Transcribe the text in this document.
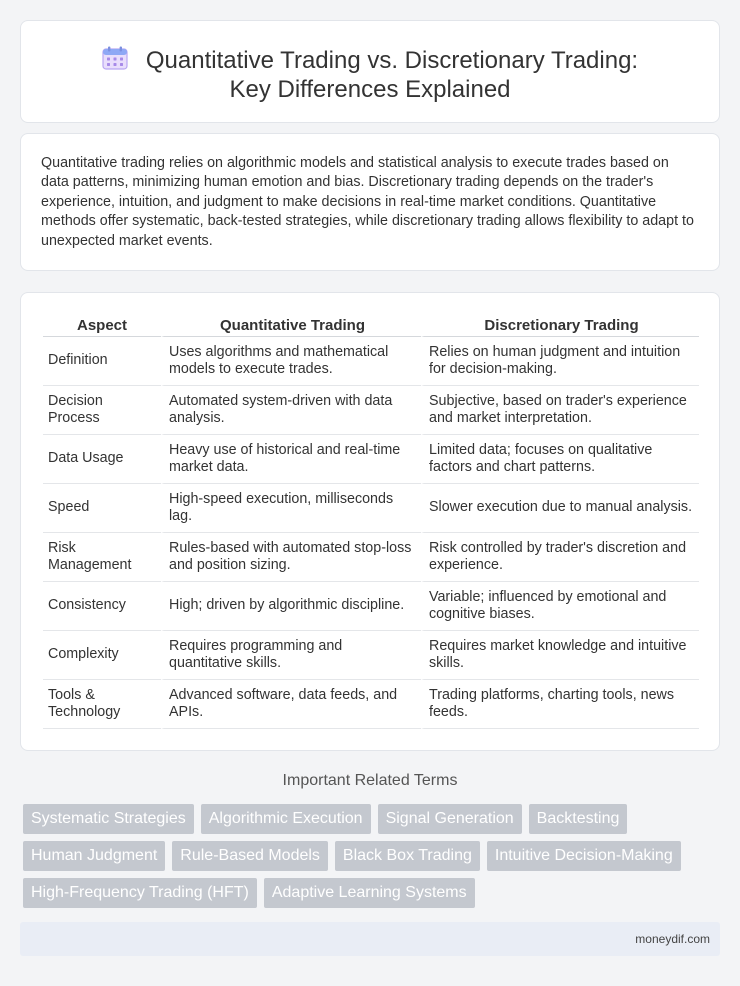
Quantitative Trading vs. Discretionary Trading: Key Differences Explained

Quantitative trading relies on algorithmic models and statistical analysis to execute trades based on data patterns, minimizing human emotion and bias. Discretionary trading depends on the trader's experience, intuition, and judgment to make decisions in real-time market conditions. Quantitative methods offer systematic, back-tested strategies, while discretionary trading allows flexibility to adapt to unexpected market events.

Aspect	Quantitative Trading	Discretionary Trading
Definition	Uses algorithms and mathematical models to execute trades.	Relies on human judgment and intuition for decision-making.
Decision Process	Automated system-driven with data analysis.	Subjective, based on trader's experience and market interpretation.
Data Usage	Heavy use of historical and real-time market data.	Limited data; focuses on qualitative factors and chart patterns.
Speed	High-speed execution, milliseconds lag.	Slower execution due to manual analysis.
Risk Management	Rules-based with automated stop-loss and position sizing.	Risk controlled by trader's discretion and experience.
Consistency	High; driven by algorithmic discipline.	Variable; influenced by emotional and cognitive biases.
Complexity	Requires programming and quantitative skills.	Requires market knowledge and intuitive skills.
Tools & Technology	Advanced software, data feeds, and APIs.	Trading platforms, charting tools, news feeds.
Important Related Terms
Systematic Strategies	Algorithmic Execution	Signal Generation	Backtesting
Human Judgment	Rule-Based Models	Black Box Trading	Intuitive Decision-Making
High-Frequency Trading (HFT)	Adaptive Learning Systems
moneydif.com
